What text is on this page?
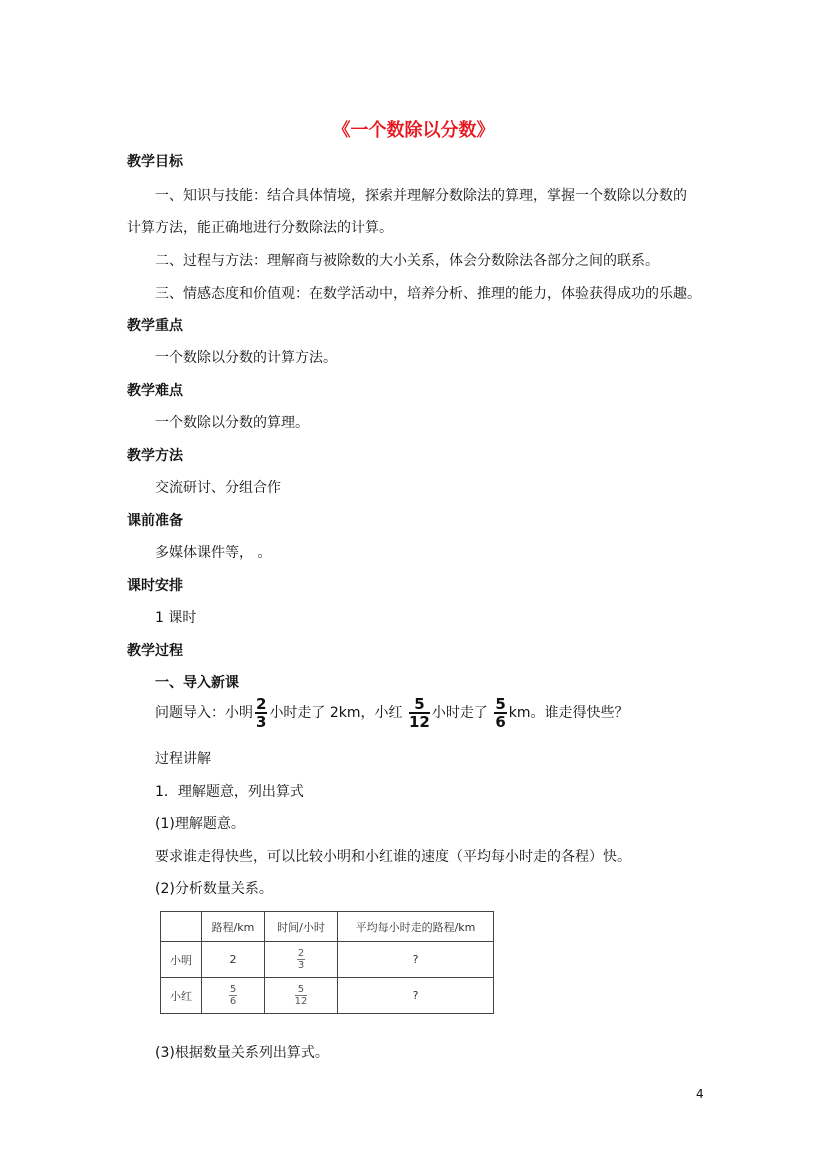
《一个数除以分数》
教学目标
一、知识与技能：结合具体情境，探索并理解分数除法的算理，掌握一个数除以分数的
计算方法，能正确地进行分数除法的计算。
二、过程与方法：理解商与被除数的大小关系，体会分数除法各部分之间的联系。
三、情感态度和价值观：在数学活动中，培养分析、推理的能力，体验获得成功的乐趣。
教学重点
一个数除以分数的计算方法。
教学难点
一个数除以分数的算理。
教学方法
交流研讨、分组合作
课前准备
多媒体课件等， 。
课时安排
1 课时
教学过程
一、导入新课
问题导入：小明 $\frac{2}{3}$ 小时走了 2km，小红 $\frac{5}{12}$ 小时走了 $\frac{5}{6}$ km。谁走得快些？
过程讲解
1．理解题意，列出算式
(1)理解题意。
要求谁走得快些，可以比较小明和小红谁的速度（平均每小时走的各程）快。
(2)分析数量关系。
	路程/km	时间/小时	平均每小时走的路程/km
小明	2	$\frac{2}{3}$	?
小红	$\frac{5}{6}$	$\frac{5}{12}$	?
(3)根据数量关系列出算式。
4
